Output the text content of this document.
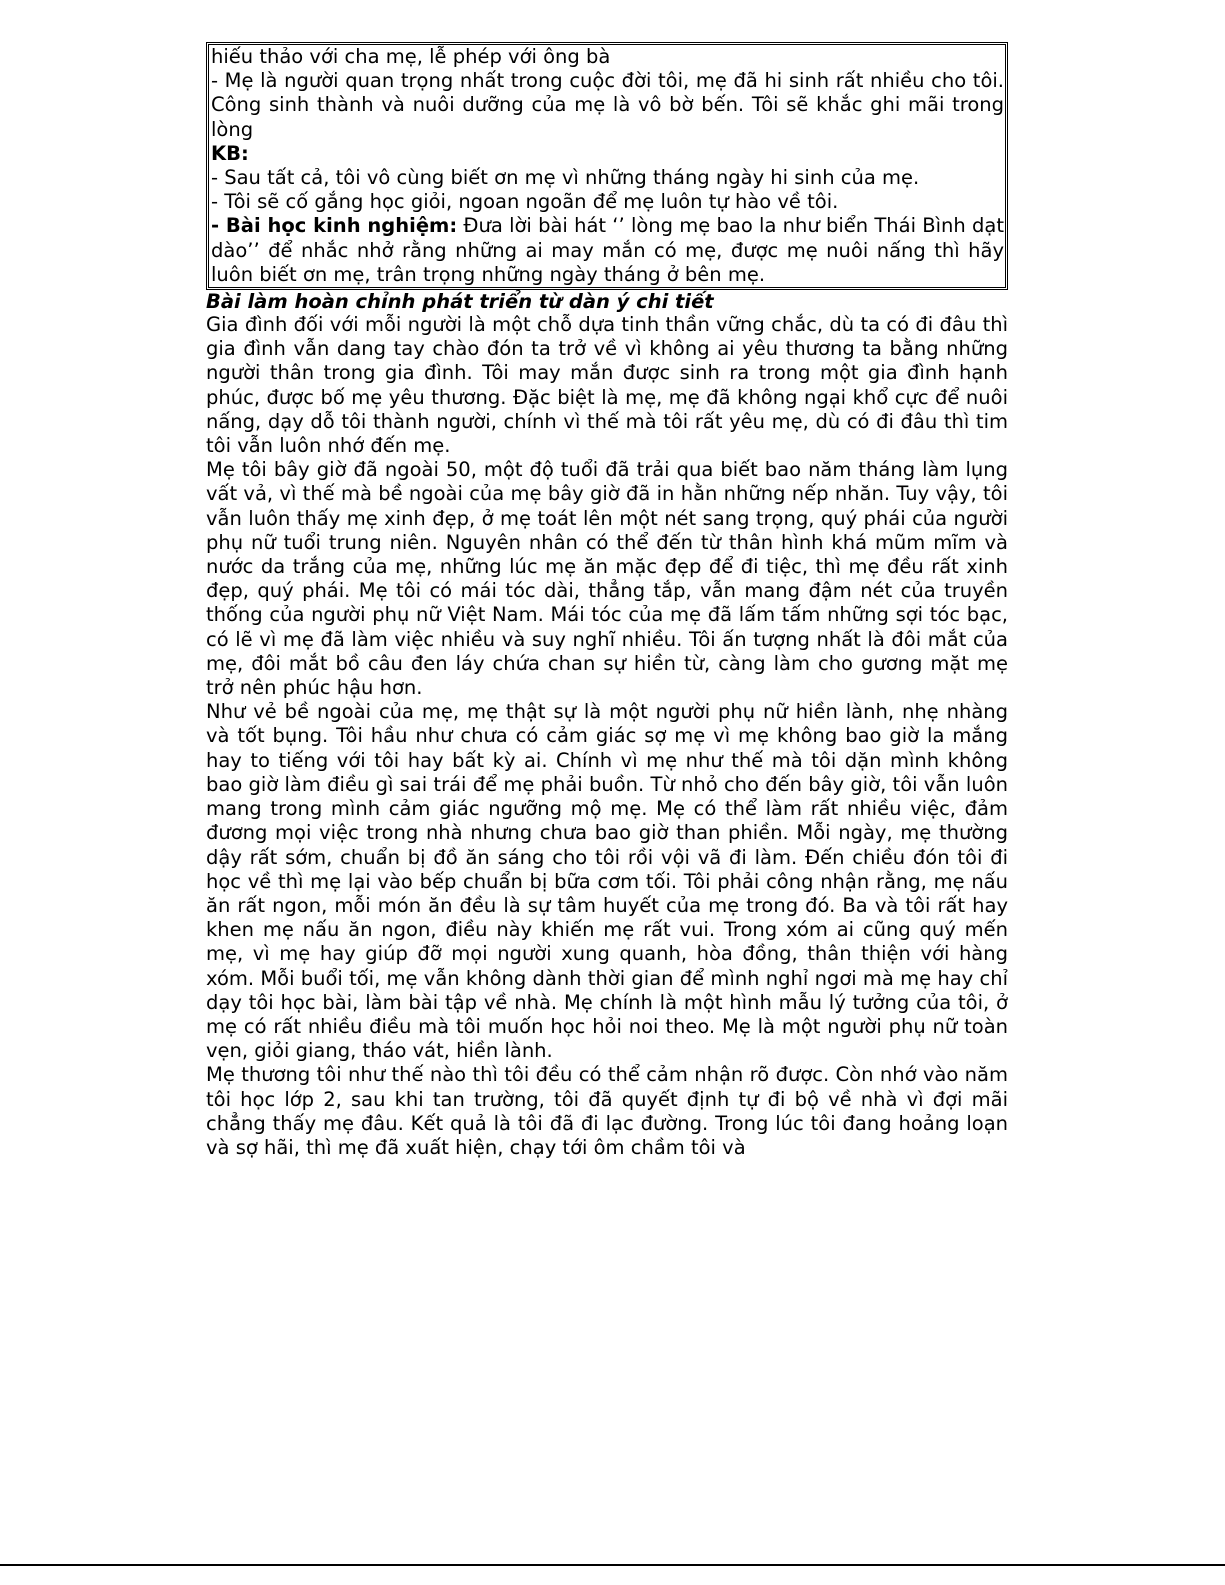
hiếu thảo với cha mẹ, lễ phép với ông bà
- Mẹ là người quan trọng nhất trong cuộc đời tôi, mẹ đã hi sinh rất nhiều cho tôi. Công sinh thành và nuôi dưỡng của mẹ là vô bờ bến. Tôi sẽ khắc ghi mãi trong lòng
KB:
- Sau tất cả, tôi vô cùng biết ơn mẹ vì những tháng ngày hi sinh của mẹ.
- Tôi sẽ cố gắng học giỏi, ngoan ngoãn để mẹ luôn tự hào về tôi.
- Bài học kinh nghiệm: Đưa lời bài hát ‘’ lòng mẹ bao la như biển Thái Bình dạt dào’’ để nhắc nhở rằng những ai may mắn có mẹ, được mẹ nuôi nấng thì hãy luôn biết ơn mẹ, trân trọng những ngày tháng ở bên mẹ.
Bài làm hoàn chỉnh phát triển từ dàn ý chi tiết

Gia đình đối với mỗi người là một chỗ dựa tinh thần vững chắc, dù ta có đi đâu thì gia đình vẫn dang tay chào đón ta trở về vì không ai yêu thương ta bằng những người thân trong gia đình. Tôi may mắn được sinh ra trong một gia đình hạnh phúc, được bố mẹ yêu thương. Đặc biệt là mẹ, mẹ đã không ngại khổ cực để nuôi nấng, dạy dỗ tôi thành người, chính vì thế mà tôi rất yêu mẹ, dù có đi đâu thì tim tôi vẫn luôn nhớ đến mẹ.

Mẹ tôi bây giờ đã ngoài 50, một độ tuổi đã trải qua biết bao năm tháng làm lụng vất vả, vì thế mà bề ngoài của mẹ bây giờ đã in hằn những nếp nhăn. Tuy vậy, tôi vẫn luôn thấy mẹ xinh đẹp, ở mẹ toát lên một nét sang trọng, quý phái của người phụ nữ tuổi trung niên. Nguyên nhân có thể đến từ thân hình khá mũm mĩm và nước da trắng của mẹ, những lúc mẹ ăn mặc đẹp để đi tiệc, thì mẹ đều rất xinh đẹp, quý phái. Mẹ tôi có mái tóc dài, thẳng tắp, vẫn mang đậm nét của truyền thống của người phụ nữ Việt Nam. Mái tóc của mẹ đã lấm tấm những sợi tóc bạc, có lẽ vì mẹ đã làm việc nhiều và suy nghĩ nhiều. Tôi ấn tượng nhất là đôi mắt của mẹ, đôi mắt bồ câu đen láy chứa chan sự hiền từ, càng làm cho gương mặt mẹ trở nên phúc hậu hơn.

Như vẻ bề ngoài của mẹ, mẹ thật sự là một người phụ nữ hiền lành, nhẹ nhàng và tốt bụng. Tôi hầu như chưa có cảm giác sợ mẹ vì mẹ không bao giờ la mắng hay to tiếng với tôi hay bất kỳ ai. Chính vì mẹ như thế mà tôi dặn mình không bao giờ làm điều gì sai trái để mẹ phải buồn. Từ nhỏ cho đến bây giờ, tôi vẫn luôn mang trong mình cảm giác ngưỡng mộ mẹ. Mẹ có thể làm rất nhiều việc, đảm đương mọi việc trong nhà nhưng chưa bao giờ than phiền. Mỗi ngày, mẹ thường dậy rất sớm, chuẩn bị đồ ăn sáng cho tôi rồi vội vã đi làm. Đến chiều đón tôi đi học về thì mẹ lại vào bếp chuẩn bị bữa cơm tối. Tôi phải công nhận rằng, mẹ nấu ăn rất ngon, mỗi món ăn đều là sự tâm huyết của mẹ trong đó. Ba và tôi rất hay khen mẹ nấu ăn ngon, điều này khiến mẹ rất vui. Trong xóm ai cũng quý mến mẹ, vì mẹ hay giúp đỡ mọi người xung quanh, hòa đồng, thân thiện với hàng xóm. Mỗi buổi tối, mẹ vẫn không dành thời gian để mình nghỉ ngơi mà mẹ hay chỉ dạy tôi học bài, làm bài tập về nhà. Mẹ chính là một hình mẫu lý tưởng của tôi, ở mẹ có rất nhiều điều mà tôi muốn học hỏi noi theo. Mẹ là một người phụ nữ toàn vẹn, giỏi giang, tháo vát, hiền lành.

Mẹ thương tôi như thế nào thì tôi đều có thể cảm nhận rõ được. Còn nhớ vào năm tôi học lớp 2, sau khi tan trường, tôi đã quyết định tự đi bộ về nhà vì đợi mãi chẳng thấy mẹ đâu. Kết quả là tôi đã đi lạc đường. Trong lúc tôi đang hoảng loạn và sợ hãi, thì mẹ đã xuất hiện, chạy tới ôm chầm tôi và
